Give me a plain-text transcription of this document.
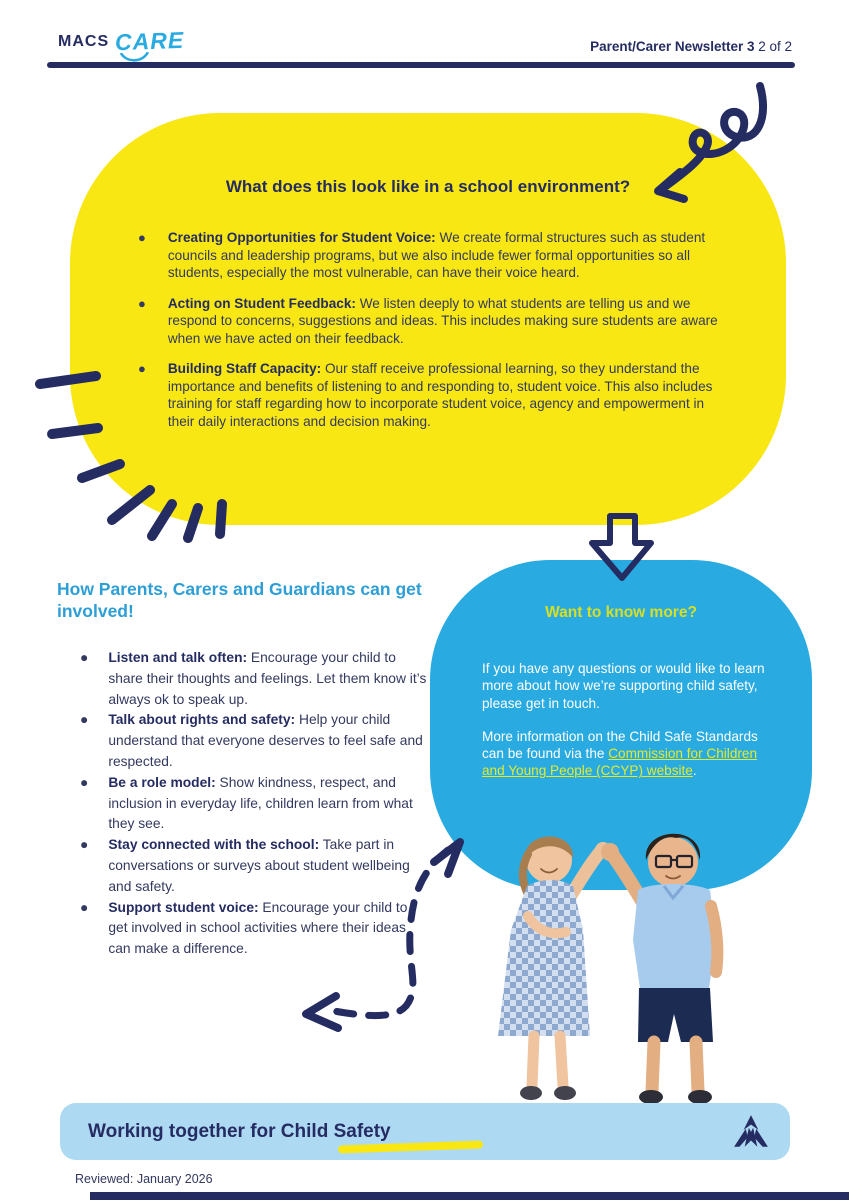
MACS CARE	Parent/Carer Newsletter 3 2 of 2
What does this look like in a school environment?
● Creating Opportunities for Student Voice: We create formal structures such as student councils and leadership programs, but we also include fewer formal opportunities so all students, especially the most vulnerable, can have their voice heard.
● Acting on Student Feedback: We listen deeply to what students are telling us and we respond to concerns, suggestions and ideas. This includes making sure students are aware when we have acted on their feedback.
● Building Staff Capacity: Our staff receive professional learning, so they understand the importance and benefits of listening to and responding to, student voice. This also includes training for staff regarding how to incorporate student voice, agency and empowerment in their daily interactions and decision making.
How Parents, Carers and Guardians can get involved!
● Listen and talk often: Encourage your child to share their thoughts and feelings. Let them know it’s always ok to speak up.
● Talk about rights and safety: Help your child understand that everyone deserves to feel safe and respected.
● Be a role model: Show kindness, respect, and inclusion in everyday life, children learn from what they see.
● Stay connected with the school: Take part in conversations or surveys about student wellbeing and safety.
● Support student voice: Encourage your child to get involved in school activities where their ideas can make a difference.
Want to know more?

If you have any questions or would like to learn more about how we’re supporting child safety, please get in touch.

More information on the Child Safe Standards can be found via the Commission for Children and Young People (CCYP) website.

Working together for Child Safety
Reviewed: January 2026
